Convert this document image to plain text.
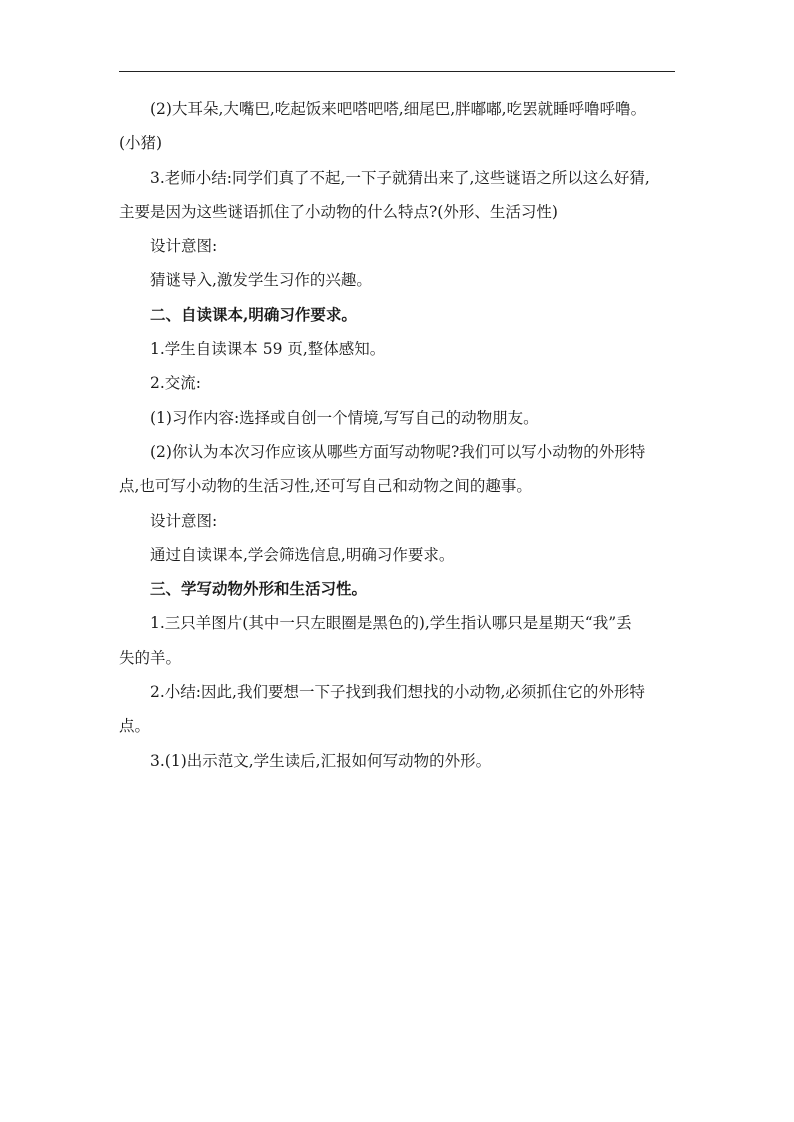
(2)大耳朵,大嘴巴,吃起饭来吧嗒吧嗒,细尾巴,胖嘟嘟,吃罢就睡呼噜呼噜。

(小猪)

3.老师小结:同学们真了不起,一下子就猜出来了,这些谜语之所以这么好猜,

主要是因为这些谜语抓住了小动物的什么特点?(外形、生活习性)

设计意图:

猜谜导入,激发学生习作的兴趣。

二、自读课本,明确习作要求。

1.学生自读课本 59 页,整体感知。

2.交流:

(1)习作内容:选择或自创一个情境,写写自己的动物朋友。

(2)你认为本次习作应该从哪些方面写动物呢?我们可以写小动物的外形特

点,也可写小动物的生活习性,还可写自己和动物之间的趣事。

设计意图:

通过自读课本,学会筛选信息,明确习作要求。

三、学写动物外形和生活习性。

1.三只羊图片(其中一只左眼圈是黑色的),学生指认哪只是星期天“我”丢

失的羊。

2.小结:因此,我们要想一下子找到我们想找的小动物,必须抓住它的外形特

点。

3.(1)出示范文,学生读后,汇报如何写动物的外形。
